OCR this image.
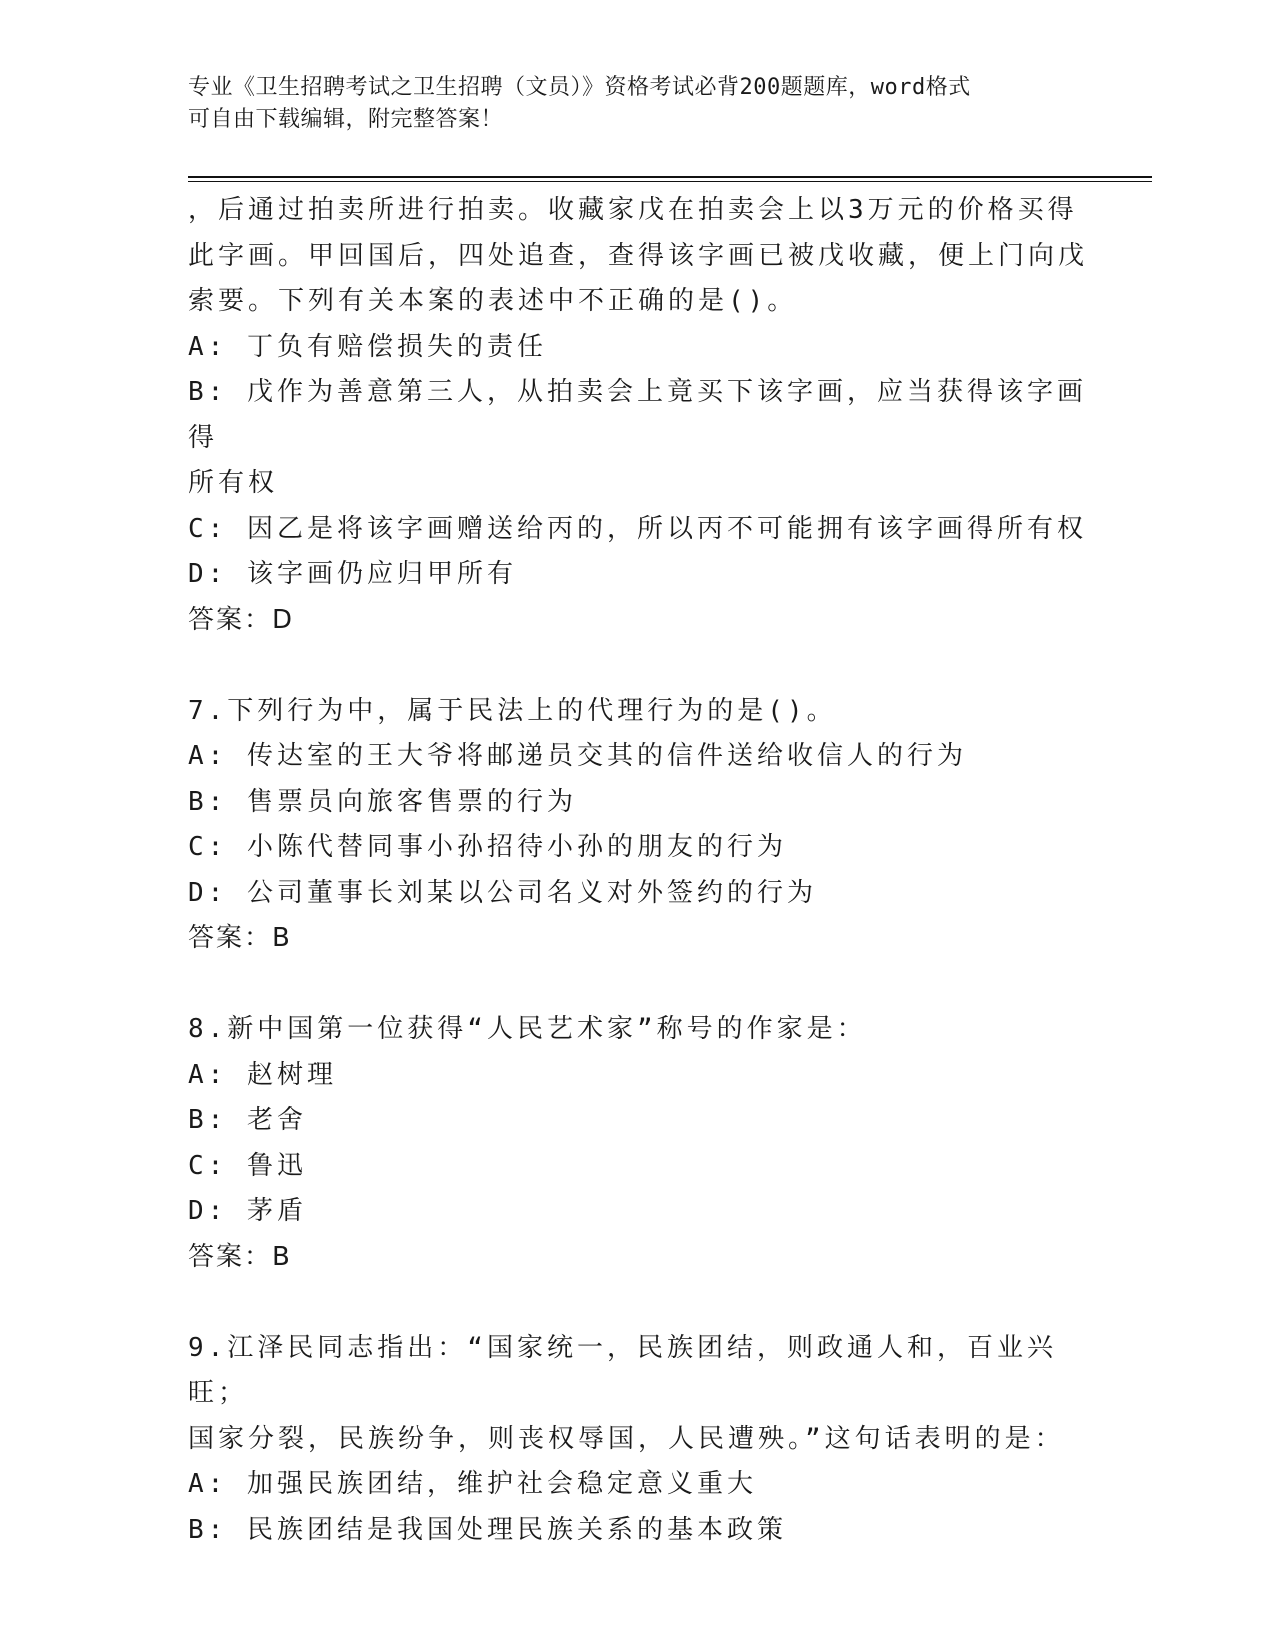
专业《卫生招聘考试之卫生招聘（文员）》资格考试必背200题题库，word格式
可自由下载编辑，附完整答案！
，后通过拍卖所进行拍卖。收藏家戊在拍卖会上以3万元的价格买得
此字画。甲回国后，四处追查，查得该字画已被戊收藏，便上门向戊
索要。下列有关本案的表述中不正确的是()。
A: 丁负有赔偿损失的责任
B: 戊作为善意第三人，从拍卖会上竟买下该字画，应当获得该字画得
所有权
C: 因乙是将该字画赠送给丙的，所以丙不可能拥有该字画得所有权
D: 该字画仍应归甲所有
答案：D
7.下列行为中，属于民法上的代理行为的是()。
A: 传达室的王大爷将邮递员交其的信件送给收信人的行为
B: 售票员向旅客售票的行为
C: 小陈代替同事小孙招待小孙的朋友的行为
D: 公司董事长刘某以公司名义对外签约的行为
答案：B
8.新中国第一位获得“人民艺术家”称号的作家是：
A: 赵树理
B: 老舍
C: 鲁迅
D: 茅盾
答案：B
9.江泽民同志指出：“国家统一，民族团结，则政通人和，百业兴旺；
国家分裂，民族纷争，则丧权辱国，人民遭殃。”这句话表明的是：
A: 加强民族团结，维护社会稳定意义重大
B: 民族团结是我国处理民族关系的基本政策
